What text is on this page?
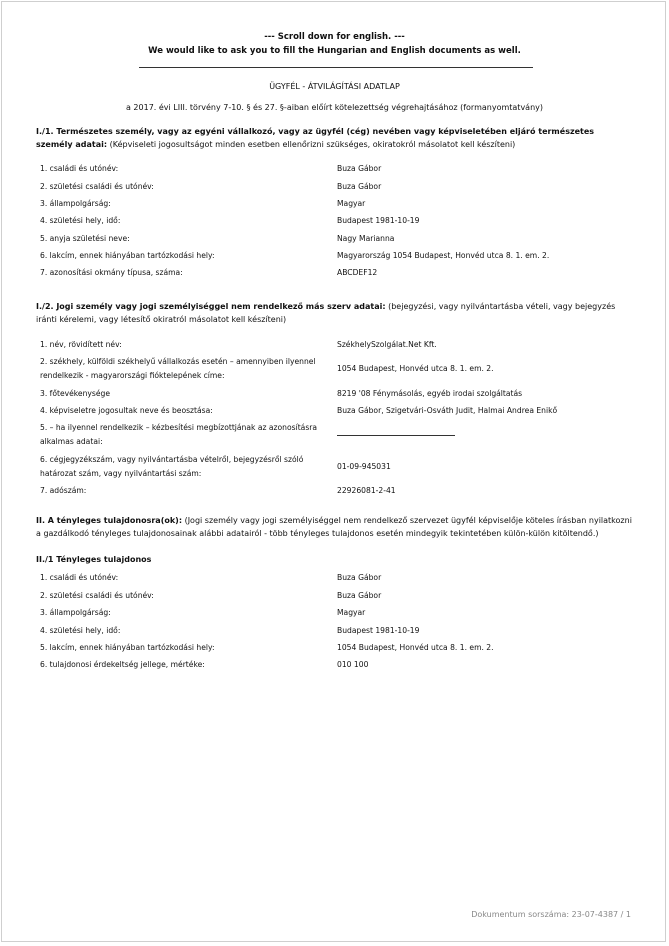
--- Scroll down for english. ---
We would like to ask you to fill the Hungarian and English documents as well.
ÜGYFÉL - ÁTVILÁGÍTÁSI ADATLAP
a 2017. évi LIII. törvény 7-10. § és 27. §-aiban előírt kötelezettség végrehajtásához (formanyomtatvány)
I./1. Természetes személy, vagy az egyéni vállalkozó, vagy az ügyfél (cég) nevében vagy képviseletében eljáró természetes személy adatai: (Képviseleti jogosultságot minden esetben ellenőrizni szükséges, okiratokról másolatot kell készíteni)
1. családi és utónév:	Buza Gábor
2. születési családi és utónév:	Buza Gábor
3. állampolgárság:	Magyar
4. születési hely, idő:	Budapest 1981-10-19
5. anyja születési neve:	Nagy Marianna
6. lakcím, ennek hiányában tartózkodási hely:	Magyarország 1054 Budapest, Honvéd utca 8. 1. em. 2.
7. azonosítási okmány típusa, száma:	ABCDEF12
I./2. Jogi személy vagy jogi személyiséggel nem rendelkező más szerv adatai: (bejegyzési, vagy nyilvántartásba vételi, vagy bejegyzés iránti kérelemi, vagy létesítő okiratról másolatot kell készíteni)
1. név, rövidített név:	SzékhelySzolgálat.Net Kft.
2. székhely, külföldi székhelyű vállalkozás esetén – amennyiben ilyennel rendelkezik - magyarországi fióktelepének címe:
1054 Budapest, Honvéd utca 8. 1. em. 2.
3. főtevékenysége	8219 '08 Fénymásolás, egyéb irodai szolgáltatás
4. képviseletre jogosultak neve és beosztása:	Buza Gábor, Szigetvári-Osváth Judit, Halmai Andrea Enikő
5. – ha ilyennel rendelkezik – kézbesítési megbízottjának az azonosításra alkalmas adatai:
6. cégjegyzékszám, vagy nyilvántartásba vételről, bejegyzésről szóló határozat szám, vagy nyilvántartási szám:
01-09-945031
7. adószám:	22926081-2-41
II. A tényleges tulajdonosra(ok): (Jogi személy vagy jogi személyiséggel nem rendelkező szervezet ügyfél képviselője köteles írásban nyilatkozni a gazdálkodó tényleges tulajdonosainak alábbi adatairól - több tényleges tulajdonos esetén mindegyik tekintetében külön-külön kitöltendő.)
II./1 Tényleges tulajdonos
1. családi és utónév:	Buza Gábor
2. születési családi és utónév:	Buza Gábor
3. állampolgárság:	Magyar
4. születési hely, idő:	Budapest 1981-10-19
5. lakcím, ennek hiányában tartózkodási hely:	1054 Budapest, Honvéd utca 8. 1. em. 2.
6. tulajdonosi érdekeltség jellege, mértéke:	010 100
Dokumentum sorszáma: 23-07-4387 / 1
